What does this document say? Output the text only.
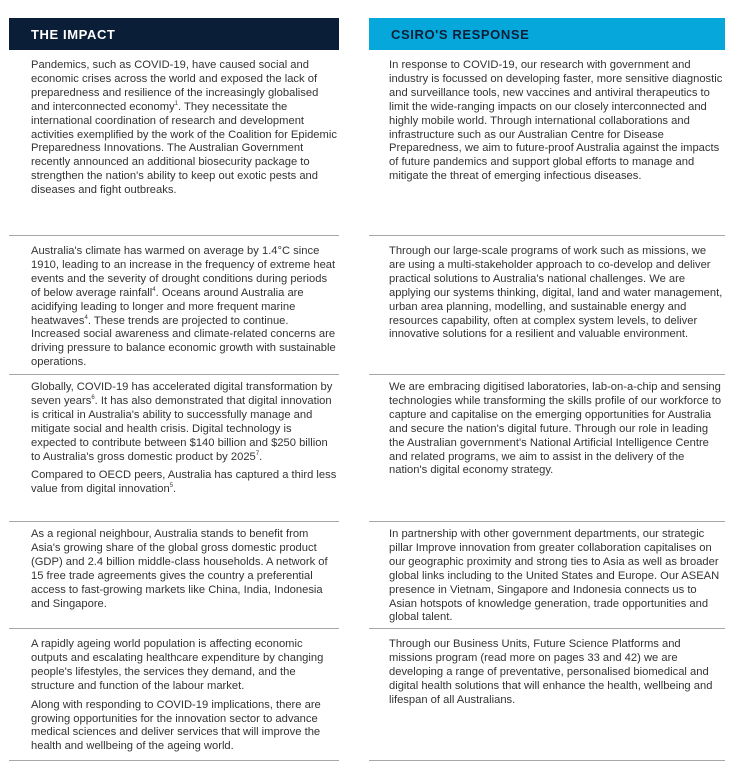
THE IMPACT

Pandemics, such as COVID-19, have caused social and economic crises across the world and exposed the lack of preparedness and resilience of the increasingly globalised and interconnected economy$^1$. They necessitate the international coordination of research and development activities exemplified by the work of the Coalition for Epidemic Preparedness Innovations. The Australian Government recently announced an additional biosecurity package to strengthen the nation's ability to keep out exotic pests and diseases and fight outbreaks.

Australia's climate has warmed on average by 1.4°C since 1910, leading to an increase in the frequency of extreme heat events and the severity of drought conditions during periods of below average rainfall$^4$. Oceans around Australia are acidifying leading to longer and more frequent marine heatwaves$^4$. These trends are projected to continue. Increased social awareness and climate-related concerns are driving pressure to balance economic growth with sustainable operations.

Globally, COVID-19 has accelerated digital transformation by seven years$^6$. It has also demonstrated that digital innovation is critical in Australia's ability to successfully manage and mitigate social and health crisis. Digital technology is expected to contribute between $140 billion and $250 billion to Australia's gross domestic product by 2025$^7$.

Compared to OECD peers, Australia has captured a third less value from digital innovation$^5$.

As a regional neighbour, Australia stands to benefit from Asia's growing share of the global gross domestic product (GDP) and 2.4 billion middle-class households. A network of 15 free trade agreements gives the country a preferential access to fast-growing markets like China, India, Indonesia and Singapore.

A rapidly ageing world population is affecting economic outputs and escalating healthcare expenditure by changing people's lifestyles, the services they demand, and the structure and function of the labour market.

Along with responding to COVID-19 implications, there are growing opportunities for the innovation sector to advance medical sciences and deliver services that will improve the health and wellbeing of the ageing world.

CSIRO'S RESPONSE

In response to COVID-19, our research with government and industry is focussed on developing faster, more sensitive diagnostic and surveillance tools, new vaccines and antiviral therapeutics to limit the wide-ranging impacts on our closely interconnected and highly mobile world. Through international collaborations and infrastructure such as our Australian Centre for Disease Preparedness, we aim to future-proof Australia against the impacts of future pandemics and support global efforts to manage and mitigate the threat of emerging infectious diseases.

Through our large-scale programs of work such as missions, we are using a multi-stakeholder approach to co-develop and deliver practical solutions to Australia's national challenges. We are applying our systems thinking, digital, land and water management, urban area planning, modelling, and sustainable energy and resources capability, often at complex system levels, to deliver innovative solutions for a resilient and valuable environment.

We are embracing digitised laboratories, lab-on-a-chip and sensing technologies while transforming the skills profile of our workforce to capture and capitalise on the emerging opportunities for Australia and secure the nation's digital future. Through our role in leading the Australian government's National Artificial Intelligence Centre and related programs, we aim to assist in the delivery of the nation's digital economy strategy.

In partnership with other government departments, our strategic pillar Improve innovation from greater collaboration capitalises on our geographic proximity and strong ties to Asia as well as broader global links including to the United States and Europe. Our ASEAN presence in Vietnam, Singapore and Indonesia connects us to Asian hotspots of knowledge generation, trade opportunities and global talent.

Through our Business Units, Future Science Platforms and missions program (read more on pages 33 and 42) we are developing a range of preventative, personalised biomedical and digital health solutions that will enhance the health, wellbeing and lifespan of all Australians.
